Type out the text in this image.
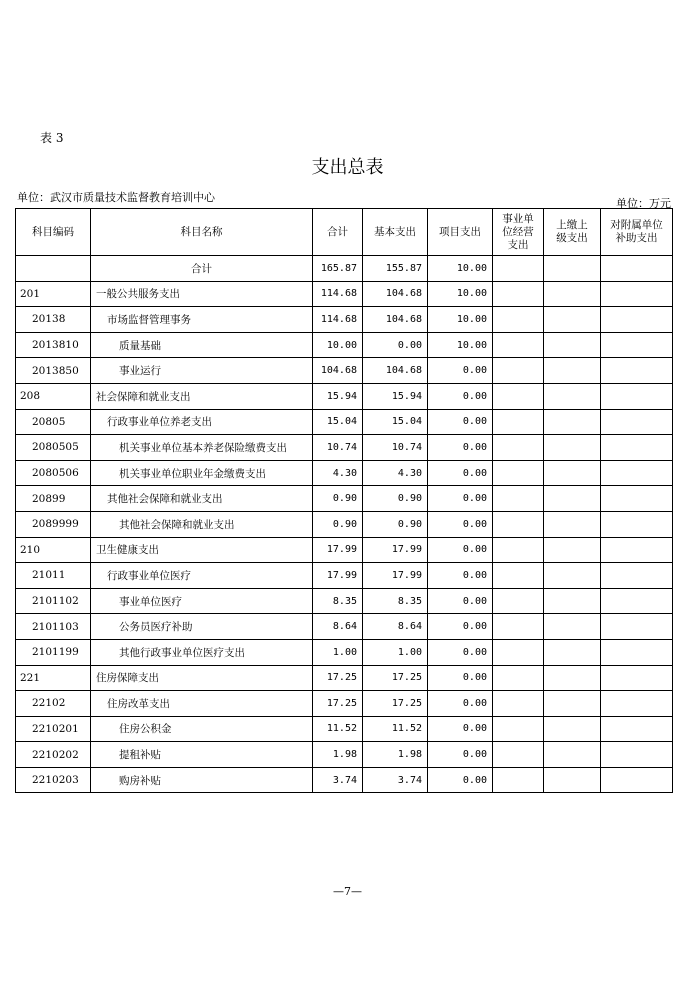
表 3
支出总表
单位：武汉市质量技术监督教育培训中心	单位：万元
科目编码	科目名称	合计	基本支出	项目支出	事业单位经营支出	上缴上级支出	对附属单位补助支出
	合计	165.87	155.87	10.00			
201	一般公共服务支出	114.68	104.68	10.00			
20138	市场监督管理事务	114.68	104.68	10.00			
2013810	质量基础	10.00	0.00	10.00			
2013850	事业运行	104.68	104.68	0.00			
208	社会保障和就业支出	15.94	15.94	0.00			
20805	行政事业单位养老支出	15.04	15.04	0.00			
2080505	机关事业单位基本养老保险缴费支出	10.74	10.74	0.00			
2080506	机关事业单位职业年金缴费支出	4.30	4.30	0.00			
20899	其他社会保障和就业支出	0.90	0.90	0.00			
2089999	其他社会保障和就业支出	0.90	0.90	0.00			
210	卫生健康支出	17.99	17.99	0.00			
21011	行政事业单位医疗	17.99	17.99	0.00			
2101102	事业单位医疗	8.35	8.35	0.00			
2101103	公务员医疗补助	8.64	8.64	0.00			
2101199	其他行政事业单位医疗支出	1.00	1.00	0.00			
221	住房保障支出	17.25	17.25	0.00			
22102	住房改革支出	17.25	17.25	0.00			
2210201	住房公积金	11.52	11.52	0.00			
2210202	提租补贴	1.98	1.98	0.00			
2210203	购房补贴	3.74	3.74	0.00			
—7—
